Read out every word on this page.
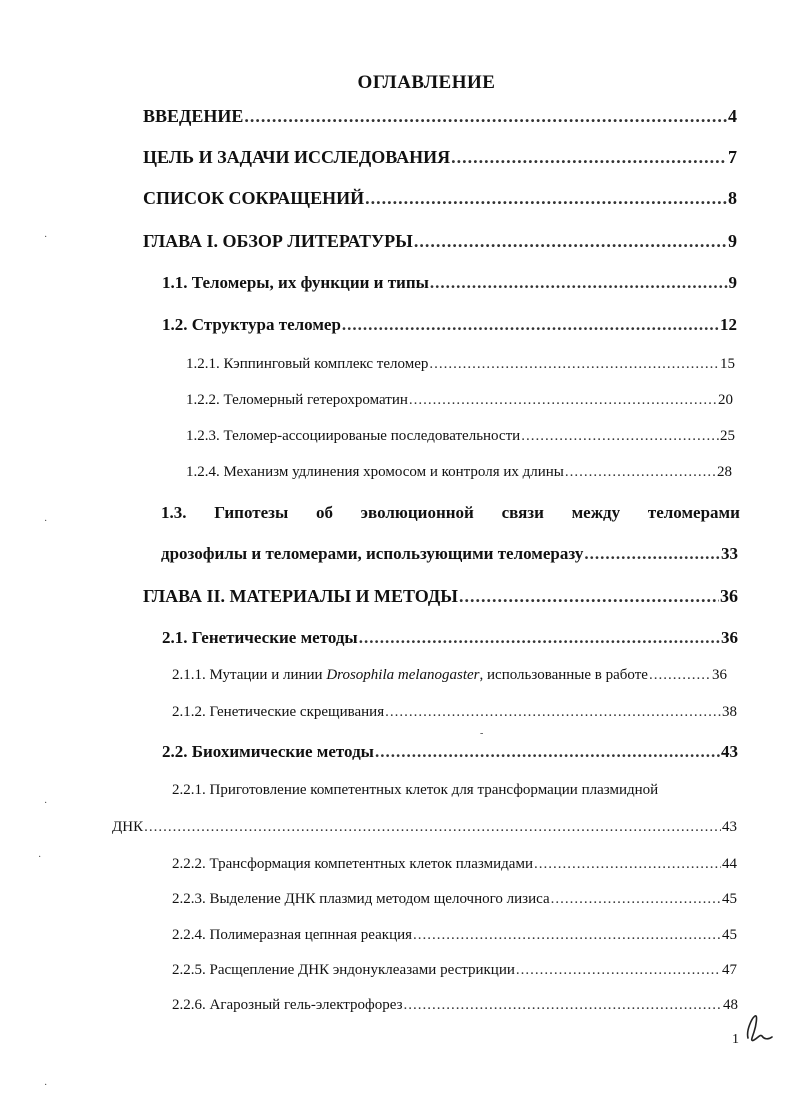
ОГЛАВЛЕНИЕ
ВВЕДЕНИЕ .....	4
ЦЕЛЬ И ЗАДАЧИ ИССЛЕДОВАНИЯ .....	7
СПИСОК СОКРАЩЕНИЙ .....	8
ГЛАВА I. ОБЗОР ЛИТЕРАТУРЫ .....	9
1.1. Теломеры, их функции и типы .....	9
1.2. Структура теломер .....	12
1.2.1. Кэппинговый комплекс теломер .....	15
1.2.2. Теломерный гетерохроматин .....	20
1.2.3. Теломер-ассоциированые последовательности .....	25
1.2.4. Механизм удлинения хромосом и контроля их длины .....	28
1.3. Гипотезы об эволюционной связи между теломерами
дрозофилы и теломерами, использующими теломеразу .....	33
ГЛАВА II. МАТЕРИАЛЫ И МЕТОДЫ .....	36
2.1. Генетические методы .....	36
2.1.1. Мутации и линии Drosophila melanogaster, использованные в работе .....	36
2.1.2. Генетические скрещивания .....	38
2.2. Биохимические методы .....	43
2.2.1. Приготовление компетентных клеток для трансформации плазмидной
ДНК .....	43
2.2.2. Трансформация компетентных клеток плазмидами .....	44
2.2.3. Выделение ДНК плазмид методом щелочного лизиса .....	45
2.2.4. Полимеразная цепнная реакция .....	45
2.2.5. Расщепление ДНК эндонуклеазами рестрикции .....	47
2.2.6. Агарозный гель-электрофорез .....	48
1
·
·
·
·
·
-
